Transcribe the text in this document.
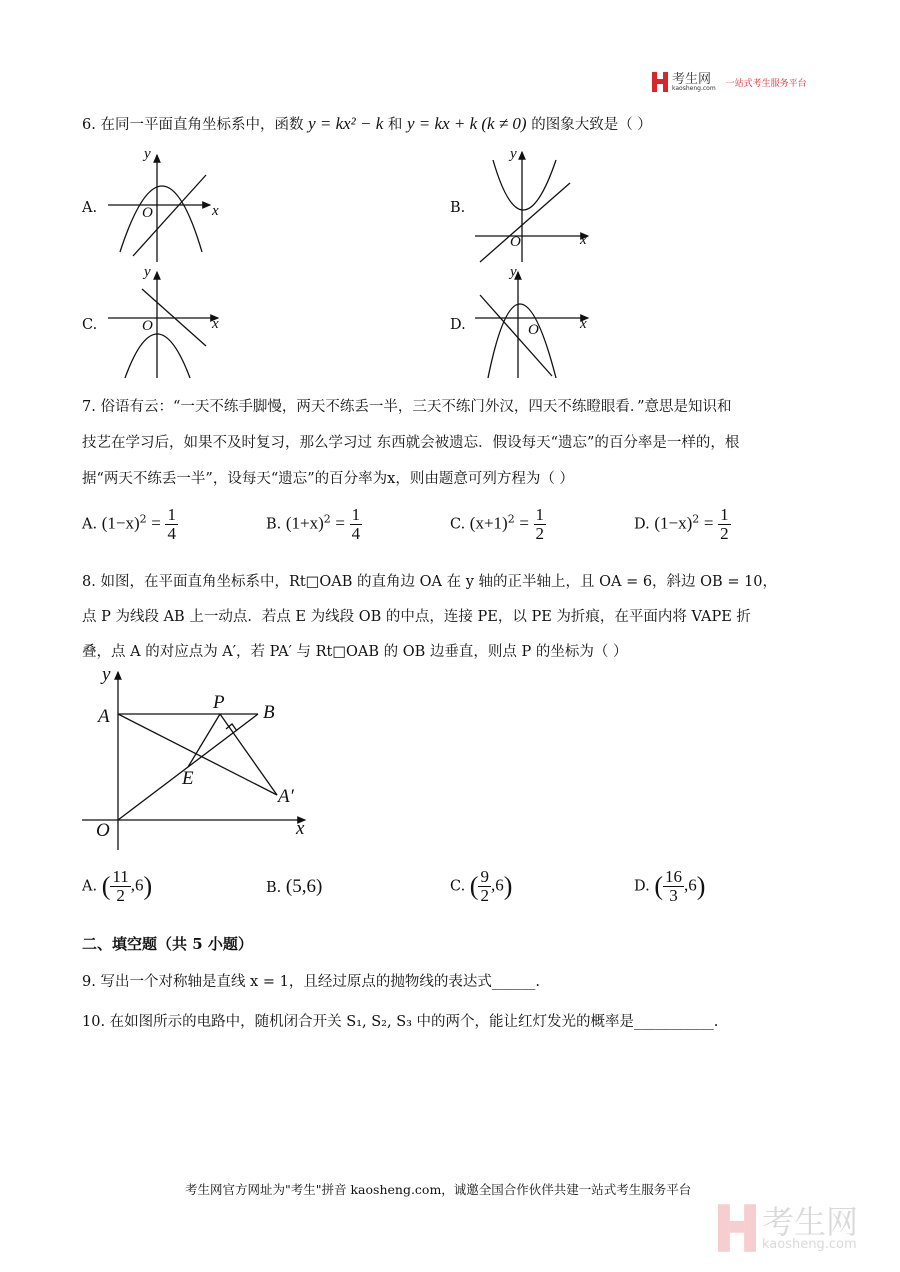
考生网
kaosheng.com 一站式考生服务平台
6. 在同一平面直角坐标系中，函数 y = kx² − k 和 y = kx + k (k ≠ 0) 的图象大致是（ ）
A.	B.
C.	D.
y
x
O
y
x
O
y
x
O
y
x
O
7. 俗语有云：“一天不练手脚慢，两天不练丢一半，三天不练门外汉，四天不练瞪眼看．”意思是知识和
技艺在学习后，如果不及时复习，那么学习过 东西就会被遗忘．假设每天“遗忘”的百分率是一样的，根
据“两天不练丢一半”，设每天“遗忘”的百分率为x，则由题意可列方程为（ ）
A. $(1-x)^2 = \frac{1}{4}$	B. $(1+x)^2 = \frac{1}{4}$	C. $(x+1)^2 = \frac{1}{2}$	D. $(1-x)^2 = \frac{1}{2}$
8. 如图，在平面直角坐标系中，Rt□OAB 的直角边 OA 在 y 轴的正半轴上，且 OA = 6，斜边 OB = 10，
点 P 为线段 AB 上一动点．若点 E 为线段 OB 的中点，连接 PE，以 PE 为折痕，在平面内将 VAPE 折
叠，点 A 的对应点为 A′，若 PA′ 与 Rt□OAB 的 OB 边垂直，则点 P 的坐标为（ ）
y
x
O
A	B
P
E
A′
A. ( $\frac{11}{2} ,6$)	B. (5,6)	C. ( $\frac{9}{2} ,6$)	D. ( $\frac{16}{3} ,6$)
二、填空题（共 5 小题）
9. 写出一个对称轴是直线 x = 1，且经过原点的抛物线的表达式______.
10. 在如图所示的电路中，随机闭合开关 S₁, S₂, S₃ 中的两个，能让红灯发光的概率是___________.
考生网官方网址为"考生"拼音 kaosheng.com，诚邀全国合作伙伴共建一站式考生服务平台
考生网
kaosheng.com
